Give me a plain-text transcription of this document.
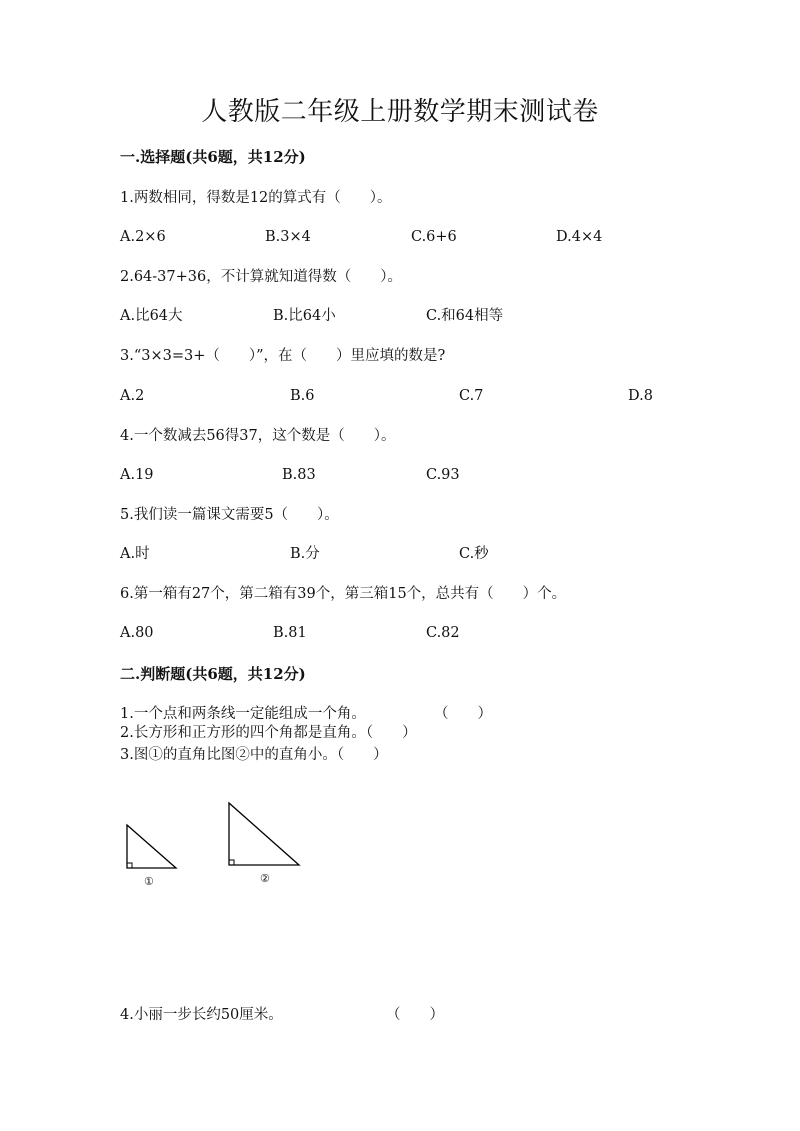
人教版二年级上册数学期末测试卷
一.选择题(共6题，共12分)
1.两数相同，得数是12的算式有（　　）。
A.2×6	B.3×4	C.6+6	D.4×4
2.64-37+36，不计算就知道得数（　　）。
A.比64大	B.比64小	C.和64相等
3.“3×3=3+（　　）”，在（　　）里应填的数是?
A.2	B.6	C.7	D.8
4.一个数减去56得37，这个数是（　　）。
A.19	B.83	C.93
5.我们读一篇课文需要5（　　）。
A.时	B.分	C.秒
6.第一箱有27个，第二箱有39个，第三箱15个，总共有（　　）个。
A.80	B.81	C.82
二.判断题(共6题，共12分)
1.一个点和两条线一定能组成一个角。	（　　）
2.长方形和正方形的四个角都是直角。（　　）
3.图①的直角比图②中的直角小。（　　）
①	②
4.小丽一步长约50厘米。	（　　）
